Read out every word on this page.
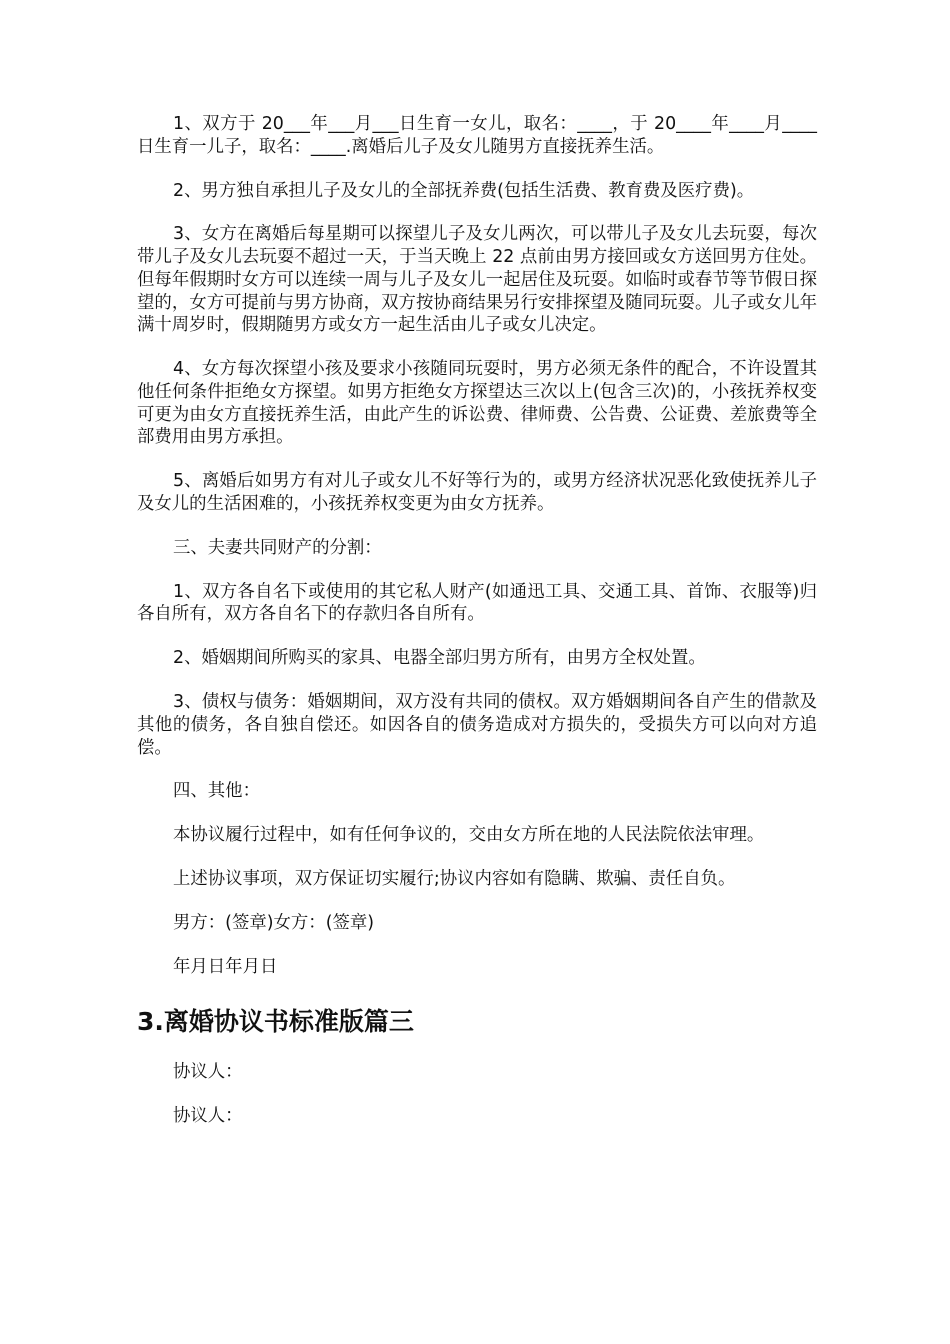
1、双方于 20___年___月___日生育一女儿，取名：____，于 20____年____月____日生育一儿子，取名：____.离婚后儿子及女儿随男方直接抚养生活。

2、男方独自承担儿子及女儿的全部抚养费(包括生活费、教育费及医疗费)。

3、女方在离婚后每星期可以探望儿子及女儿两次，可以带儿子及女儿去玩耍，每次带儿子及女儿去玩耍不超过一天，于当天晚上 22 点前由男方接回或女方送回男方住处。但每年假期时女方可以连续一周与儿子及女儿一起居住及玩耍。如临时或春节等节假日探望的，女方可提前与男方协商，双方按协商结果另行安排探望及随同玩耍。儿子或女儿年满十周岁时，假期随男方或女方一起生活由儿子或女儿决定。

4、女方每次探望小孩及要求小孩随同玩耍时，男方必须无条件的配合，不许设置其他任何条件拒绝女方探望。如男方拒绝女方探望达三次以上(包含三次)的，小孩抚养权变可更为由女方直接抚养生活，由此产生的诉讼费、律师费、公告费、公证费、差旅费等全部费用由男方承担。

5、离婚后如男方有对儿子或女儿不好等行为的，或男方经济状况恶化致使抚养儿子及女儿的生活困难的，小孩抚养权变更为由女方抚养。

三、夫妻共同财产的分割：

1、双方各自名下或使用的其它私人财产(如通迅工具、交通工具、首饰、衣服等)归各自所有，双方各自名下的存款归各自所有。

2、婚姻期间所购买的家具、电器全部归男方所有，由男方全权处置。

3、债权与债务：婚姻期间，双方没有共同的债权。双方婚姻期间各自产生的借款及其他的债务，各自独自偿还。如因各自的债务造成对方损失的，受损失方可以向对方追偿。

四、其他：

本协议履行过程中，如有任何争议的，交由女方所在地的人民法院依法审理。

上述协议事项，双方保证切实履行;协议内容如有隐瞒、欺骗、责任自负。

男方：(签章)女方：(签章)

年月日年月日

3.离婚协议书标准版篇三

协议人：

协议人：
